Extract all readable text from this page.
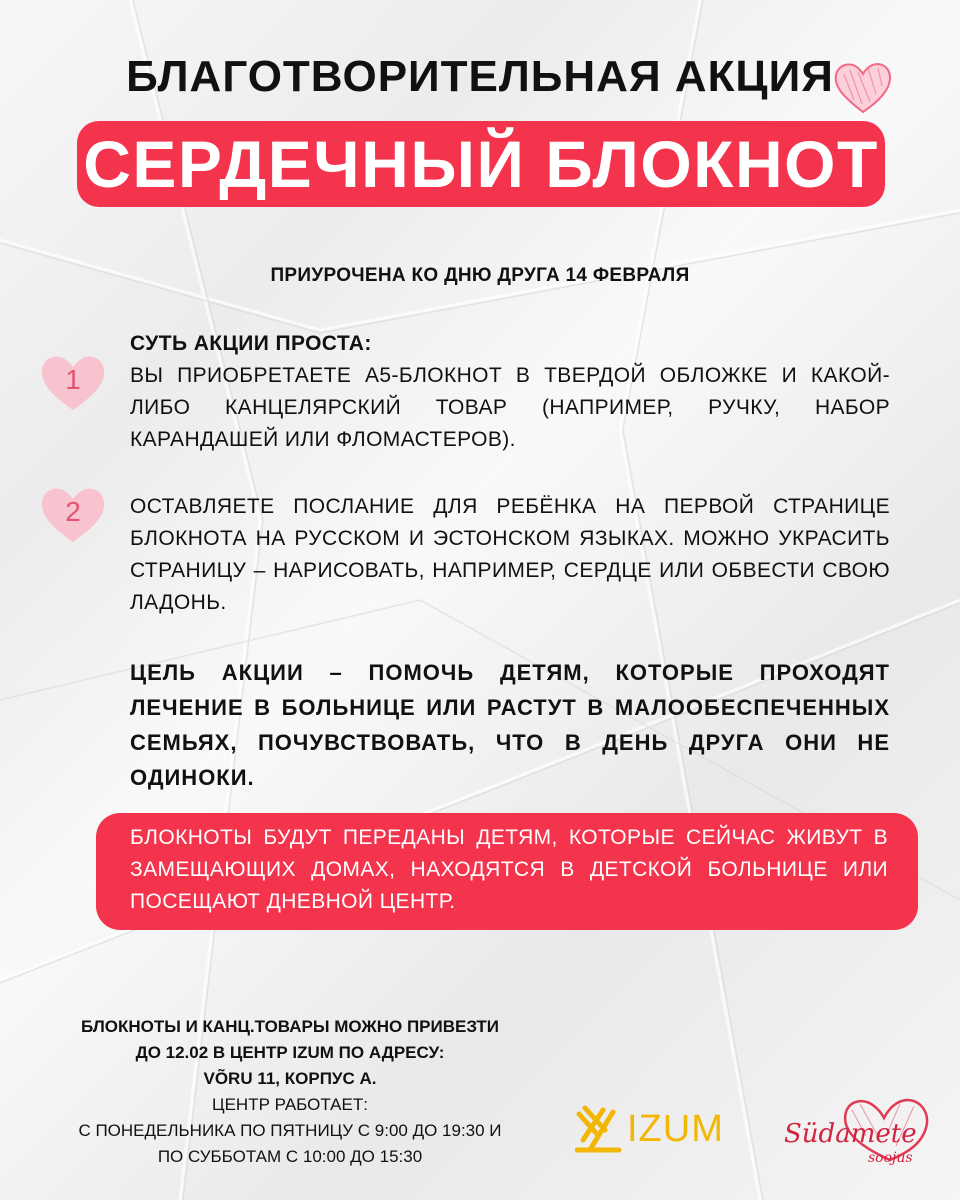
БЛАГОТВОРИТЕЛЬНАЯ АКЦИЯ
СЕРДЕЧНЫЙ БЛОКНОТ
ПРИУРОЧЕНА КО ДНЮ ДРУГА 14 ФЕВРАЛЯ
1
СУТЬ АКЦИИ ПРОСТА:
ВЫ ПРИОБРЕТАЕТЕ А5-БЛОКНОТ В ТВЕРДОЙ ОБЛОЖКЕ И КАКОЙ-ЛИБО КАНЦЕЛЯРСКИЙ ТОВАР (НАПРИМЕР, РУЧКУ, НАБОР КАРАНДАШЕЙ ИЛИ ФЛОМАСТЕРОВ).
2	ОСТАВЛЯЕТЕ ПОСЛАНИЕ ДЛЯ РЕБЁНКА НА ПЕРВОЙ СТРАНИЦЕ БЛОКНОТА НА РУССКОМ И ЭСТОНСКОМ ЯЗЫКАХ. МОЖНО УКРАСИТЬ СТРАНИЦУ – НАРИСОВАТЬ, НАПРИМЕР, СЕРДЦЕ ИЛИ ОБВЕСТИ СВОЮ ЛАДОНЬ.
ЦЕЛЬ АКЦИИ – ПОМОЧЬ ДЕТЯМ, КОТОРЫЕ ПРОХОДЯТ ЛЕЧЕНИЕ В БОЛЬНИЦЕ ИЛИ РАСТУТ В МАЛООБЕСПЕЧЕННЫХ СЕМЬЯХ, ПОЧУВСТВОВАТЬ, ЧТО В ДЕНЬ ДРУГА ОНИ НЕ ОДИНОКИ.
БЛОКНОТЫ БУДУТ ПЕРЕДАНЫ ДЕТЯМ, КОТОРЫЕ СЕЙЧАС ЖИВУТ В ЗАМЕЩАЮЩИХ ДОМАХ, НАХОДЯТСЯ В ДЕТСКОЙ БОЛЬНИЦЕ ИЛИ ПОСЕЩАЮТ ДНЕВНОЙ ЦЕНТР.
БЛОКНОТЫ И КАНЦ.ТОВАРЫ МОЖНО ПРИВЕЗТИ
ДО 12.02 В ЦЕНТР IZUM ПО АДРЕСУ:
VÕRU 11, КОРПУС А.
ЦЕНТР РАБОТАЕТ:
С ПОНЕДЕЛЬНИКА ПО ПЯТНИЦУ С 9:00 ДО 19:30 И
ПО СУББОТАМ С 10:00 ДО 15:30
IZUM Südamete
soojus
